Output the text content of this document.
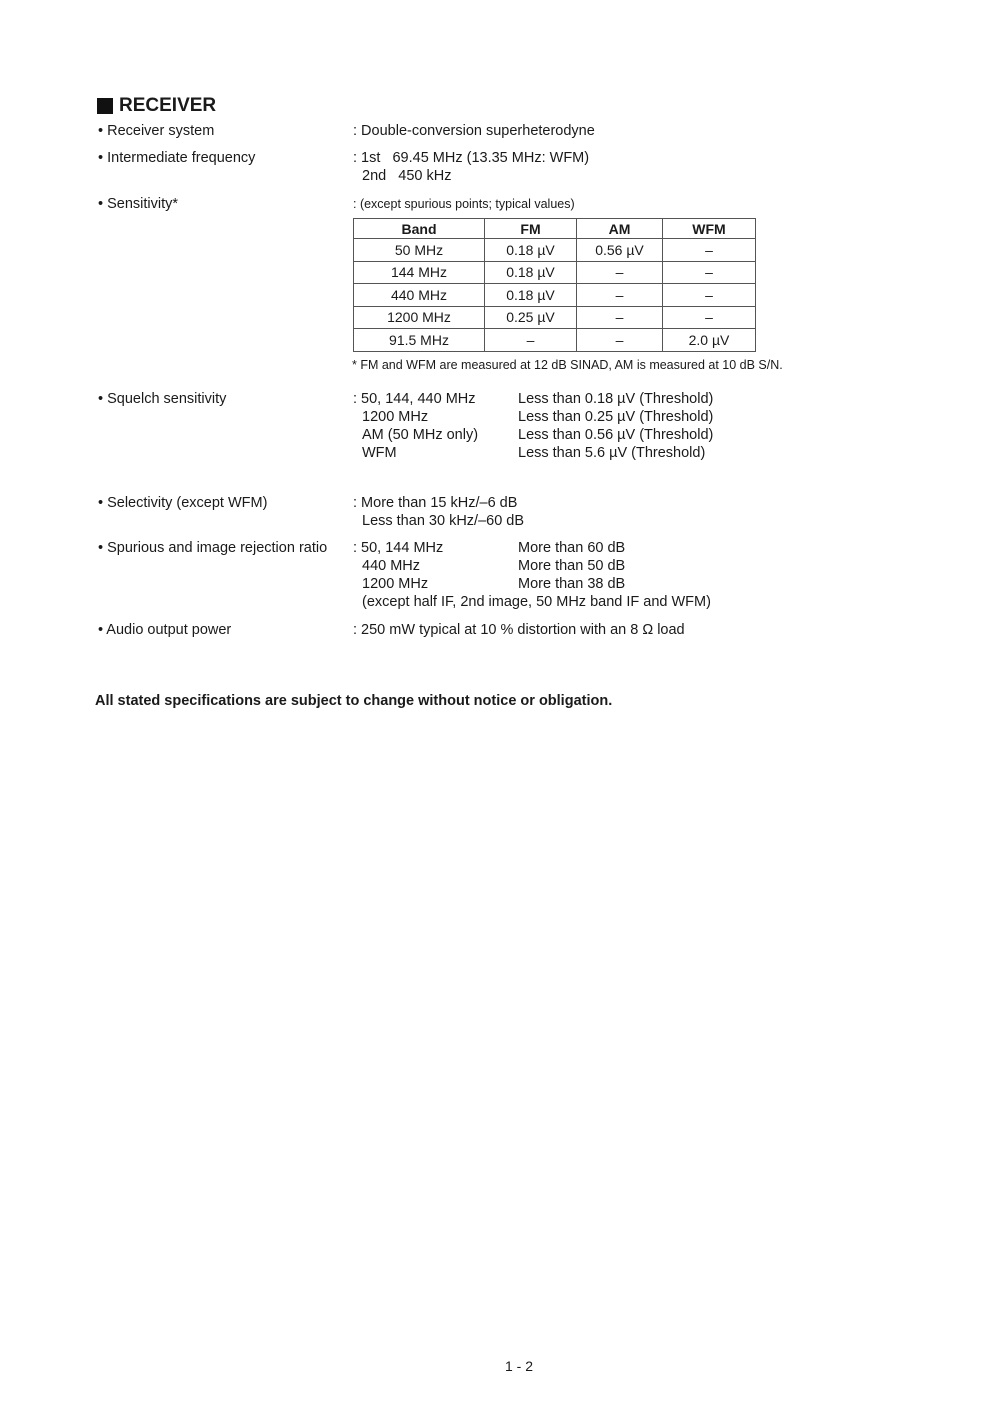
RECEIVER
• Receiver system	: Double-conversion superheterodyne
• Intermediate frequency	: 1st   69.45 MHz (13.35 MHz: WFM)
2nd   450 kHz
• Sensitivity*	: (except spurious points; typical values)
Band	FM	AM	WFM
50 MHz	0.18 µV	0.56 µV	–
144 MHz	0.18 µV	–	–
440 MHz	0.18 µV	–	–
1200 MHz	0.25 µV	–	–
91.5 MHz	–	–	2.0 µV
* FM and WFM are measured at 12 dB SINAD, AM is measured at 10 dB S/N.
• Squelch sensitivity	: 50, 144, 440 MHz	Less than 0.18 µV (Threshold)
1200 MHz	Less than 0.25 µV (Threshold)
AM (50 MHz only)	Less than 0.56 µV (Threshold)
WFM	Less than 5.6 µV (Threshold)
• Selectivity (except WFM)	: More than 15 kHz/–6 dB
Less than 30 kHz/–60 dB
• Spurious and image rejection ratio : 50, 144 MHz	More than 60 dB
440 MHz	More than 50 dB
1200 MHz	More than 38 dB
(except half IF, 2nd image, 50 MHz band IF and WFM)
• Audio output power	: 250 mW typical at 10 % distortion with an 8 Ω load
All stated specifications are subject to change without notice or obligation.
1 - 2
